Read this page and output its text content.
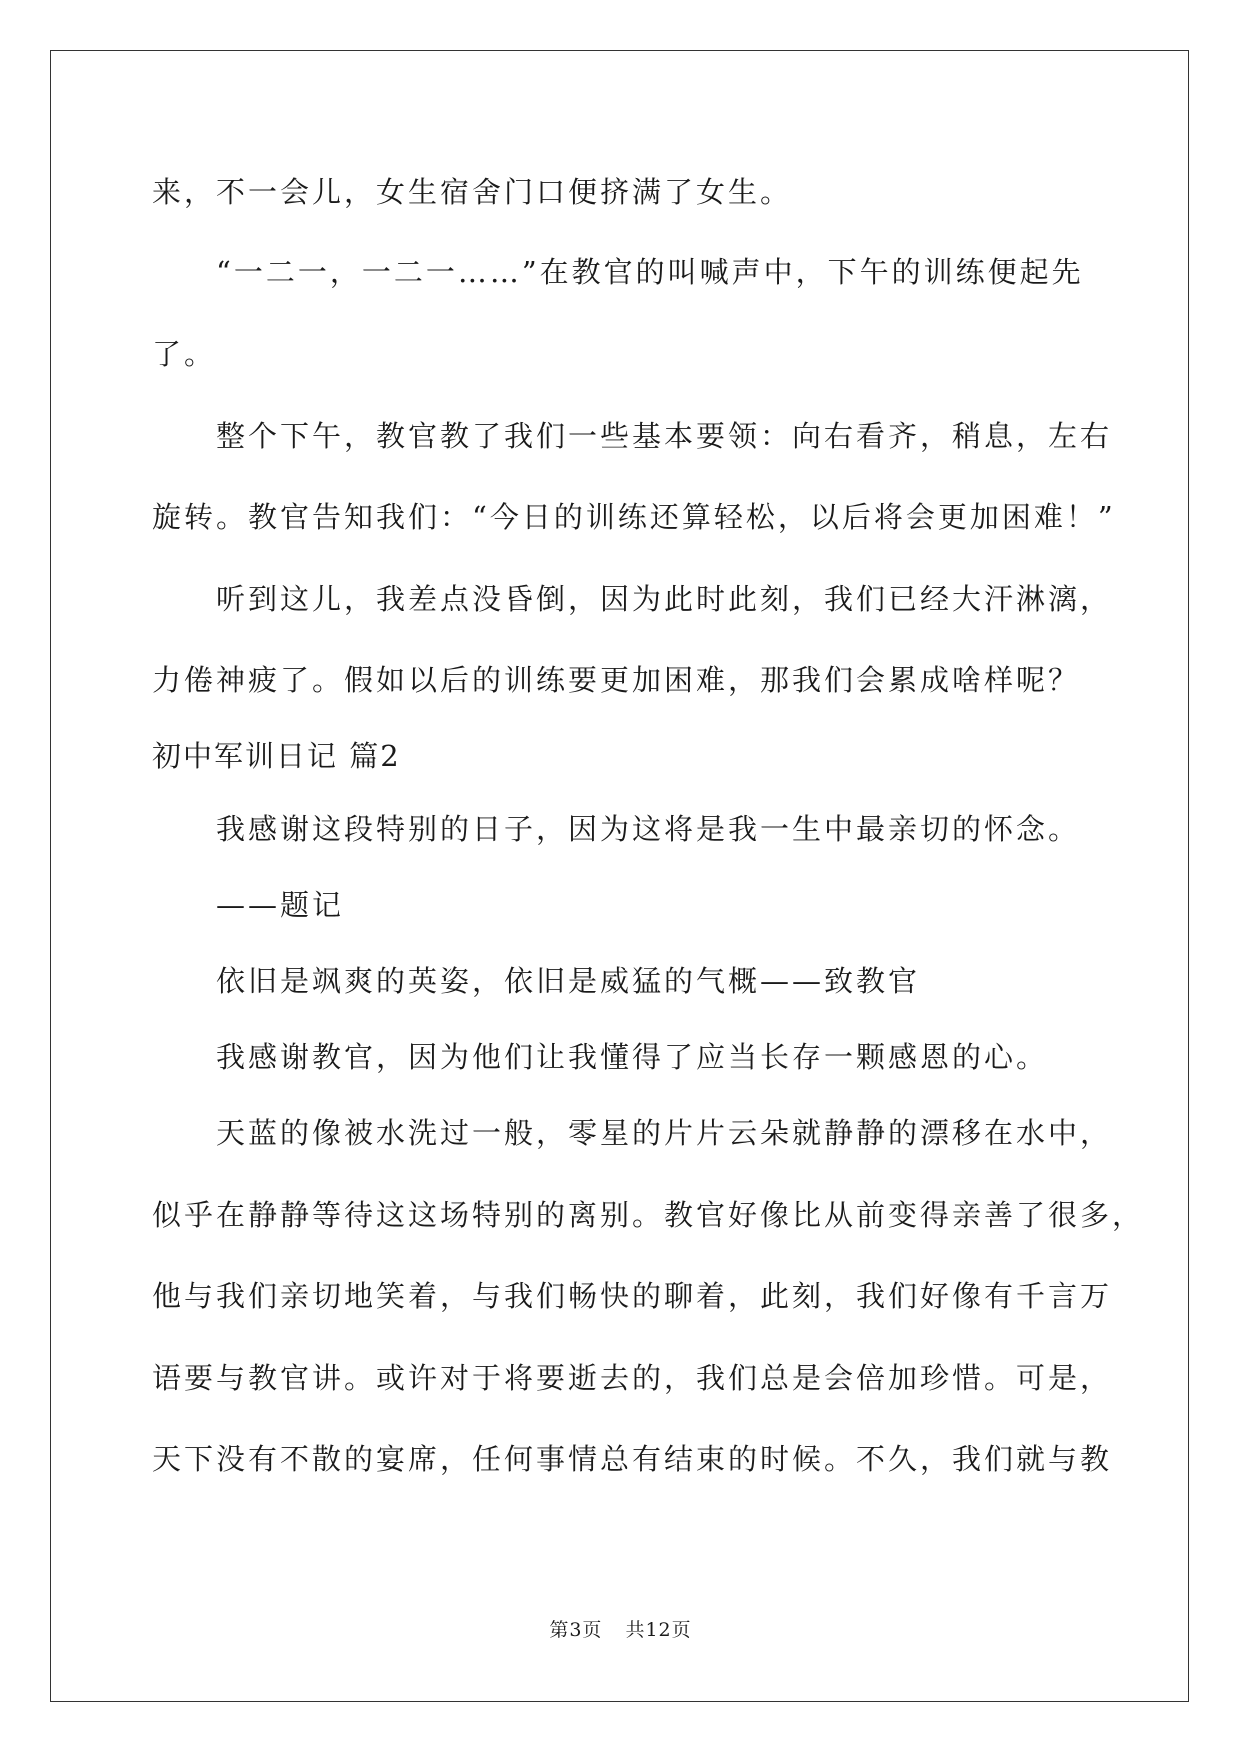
来，不一会儿，女生宿舍门口便挤满了女生。
“一二一，一二一……”在教官的叫喊声中，下午的训练便起先
了。
整个下午，教官教了我们一些基本要领：向右看齐，稍息，左右
旋转。教官告知我们：“今日的训练还算轻松，以后将会更加困难！”
听到这儿，我差点没昏倒，因为此时此刻，我们已经大汗淋漓，
力倦神疲了。假如以后的训练要更加困难，那我们会累成啥样呢？
初中军训日记 篇2
我感谢这段特别的日子，因为这将是我一生中最亲切的怀念。
——题记
依旧是飒爽的英姿，依旧是威猛的气概——致教官
我感谢教官，因为他们让我懂得了应当长存一颗感恩的心。
天蓝的像被水洗过一般，零星的片片云朵就静静的漂移在水中，
似乎在静静等待这这场特别的离别。教官好像比从前变得亲善了很多，
他与我们亲切地笑着，与我们畅快的聊着，此刻，我们好像有千言万
语要与教官讲。或许对于将要逝去的，我们总是会倍加珍惜。可是，
天下没有不散的宴席，任何事情总有结束的时候。不久，我们就与教
第3页 共12页
